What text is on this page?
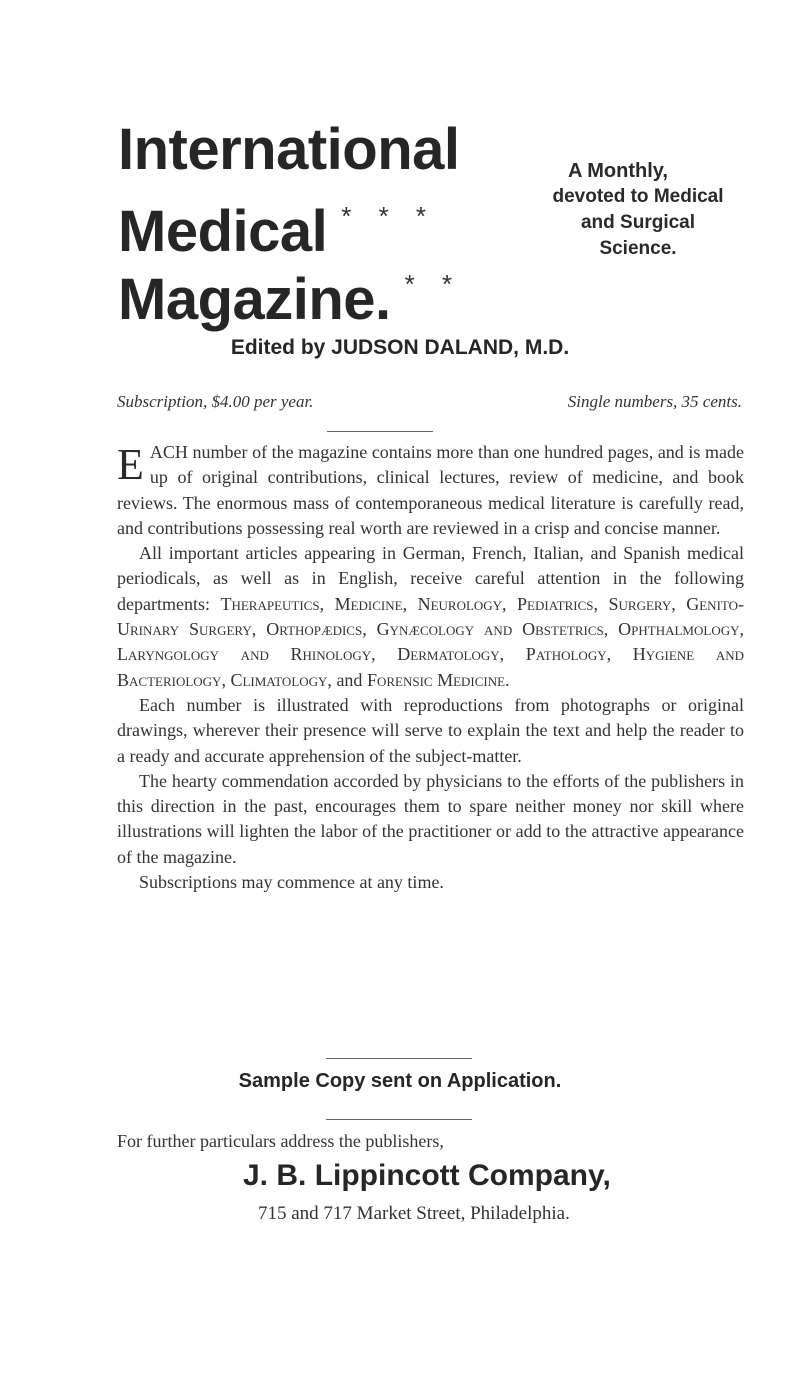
International
Medical * * *
Magazine. * *
A Monthly,
devoted to Medical
and Surgical
Science.
Edited by JUDSON DALAND, M.D.
Subscription, $4.00 per year.	Single numbers, 35 cents.

EACH number of the magazine contains more than one hundred pages, and is made up of original contributions, clinical lectures, review of medicine, and book reviews. The enormous mass of contemporaneous medical literature is carefully read, and contributions possessing real worth are reviewed in a crisp and concise manner.

All important articles appearing in German, French, Italian, and Spanish medical periodicals, as well as in English, receive careful attention in the following departments: Therapeutics, Medicine, Neurology, Pediatrics, Surgery, Genito-Urinary Surgery, Orthopædics, Gynæcology and Obstetrics, Ophthalmology, Laryngology and Rhinology, Dermatology, Pathology, Hygiene and Bacteriology, Climatology, and Forensic Medicine.

Each number is illustrated with reproductions from photographs or original drawings, wherever their presence will serve to explain the text and help the reader to a ready and accurate apprehension of the subject-matter.

The hearty commendation accorded by physicians to the efforts of the publishers in this direction in the past, encourages them to spare neither money nor skill where illustrations will lighten the labor of the practitioner or add to the attractive appearance of the magazine.

Subscriptions may commence at any time.

Sample Copy sent on Application.
For further particulars address the publishers,
J. B. Lippincott Company,
715 and 717 Market Street, Philadelphia.
